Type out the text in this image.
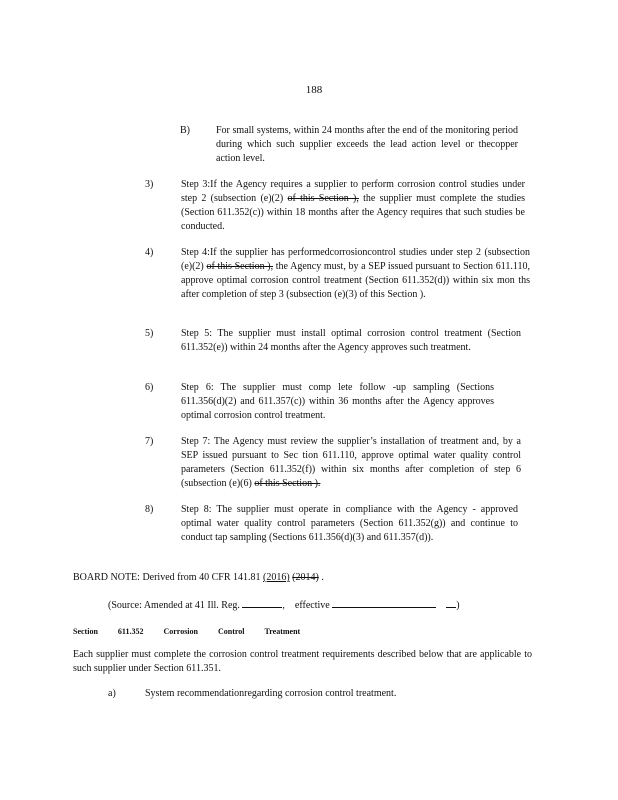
188
B)	For small systems, within 24 months after the end of the monitoring period during which such supplier exceeds the lead action level or thecopper action level.
3)	Step 3:If the Agency requires a supplier to perform corrosion control studies under step 2 (subsection (e)(2) of this Section ), the supplier must complete the studies (Section 611.352(c)) within 18 months after the Agency requires that such studies be conducted.
4)	Step 4:If the supplier has performedcorrosioncontrol studies under step 2 (subsection (e)(2) of this Section ), the Agency must, by a SEP issued pursuant to Section 611.110, approve optimal corrosion control treatment (Section 611.352(d)) within six mon ths after completion of step 3 (subsection (e)(3) of this Section ).
5)	Step 5: The supplier must install optimal corrosion control treatment (Section 611.352(e)) within 24 months after the Agency approves such treatment.
6)	Step 6: The supplier must comp lete follow -up sampling (Sections 611.356(d)(2) and 611.357(c)) within 36 months after the Agency approves optimal corrosion control treatment.
7)	Step 7: The Agency must review the supplier’s installation of treatment and, by a SEP issued pursuant to Sec tion 611.110, approve optimal water quality control parameters (Section 611.352(f)) within six months after completion of step 6 (subsection (e)(6) of this Section ).
8)	Step 8: The supplier must operate in compliance with the Agency - approved optimal water quality control parameters (Section 611.352(g)) and continue to conduct tap sampling (Sections 611.356(d)(3) and 611.357(d)).
BOARD NOTE: Derived from 40 CFR 141.81 (2016) (2014) .
(Source: Amended at 41 Ill. Reg.	, effective	)
Section	611.352	Corrosion	Control	Treatment
Each supplier must complete the corrosion control treatment requirements described below that are applicable to such supplier under Section 611.351.
a)	System recommendationregarding corrosion control treatment.
